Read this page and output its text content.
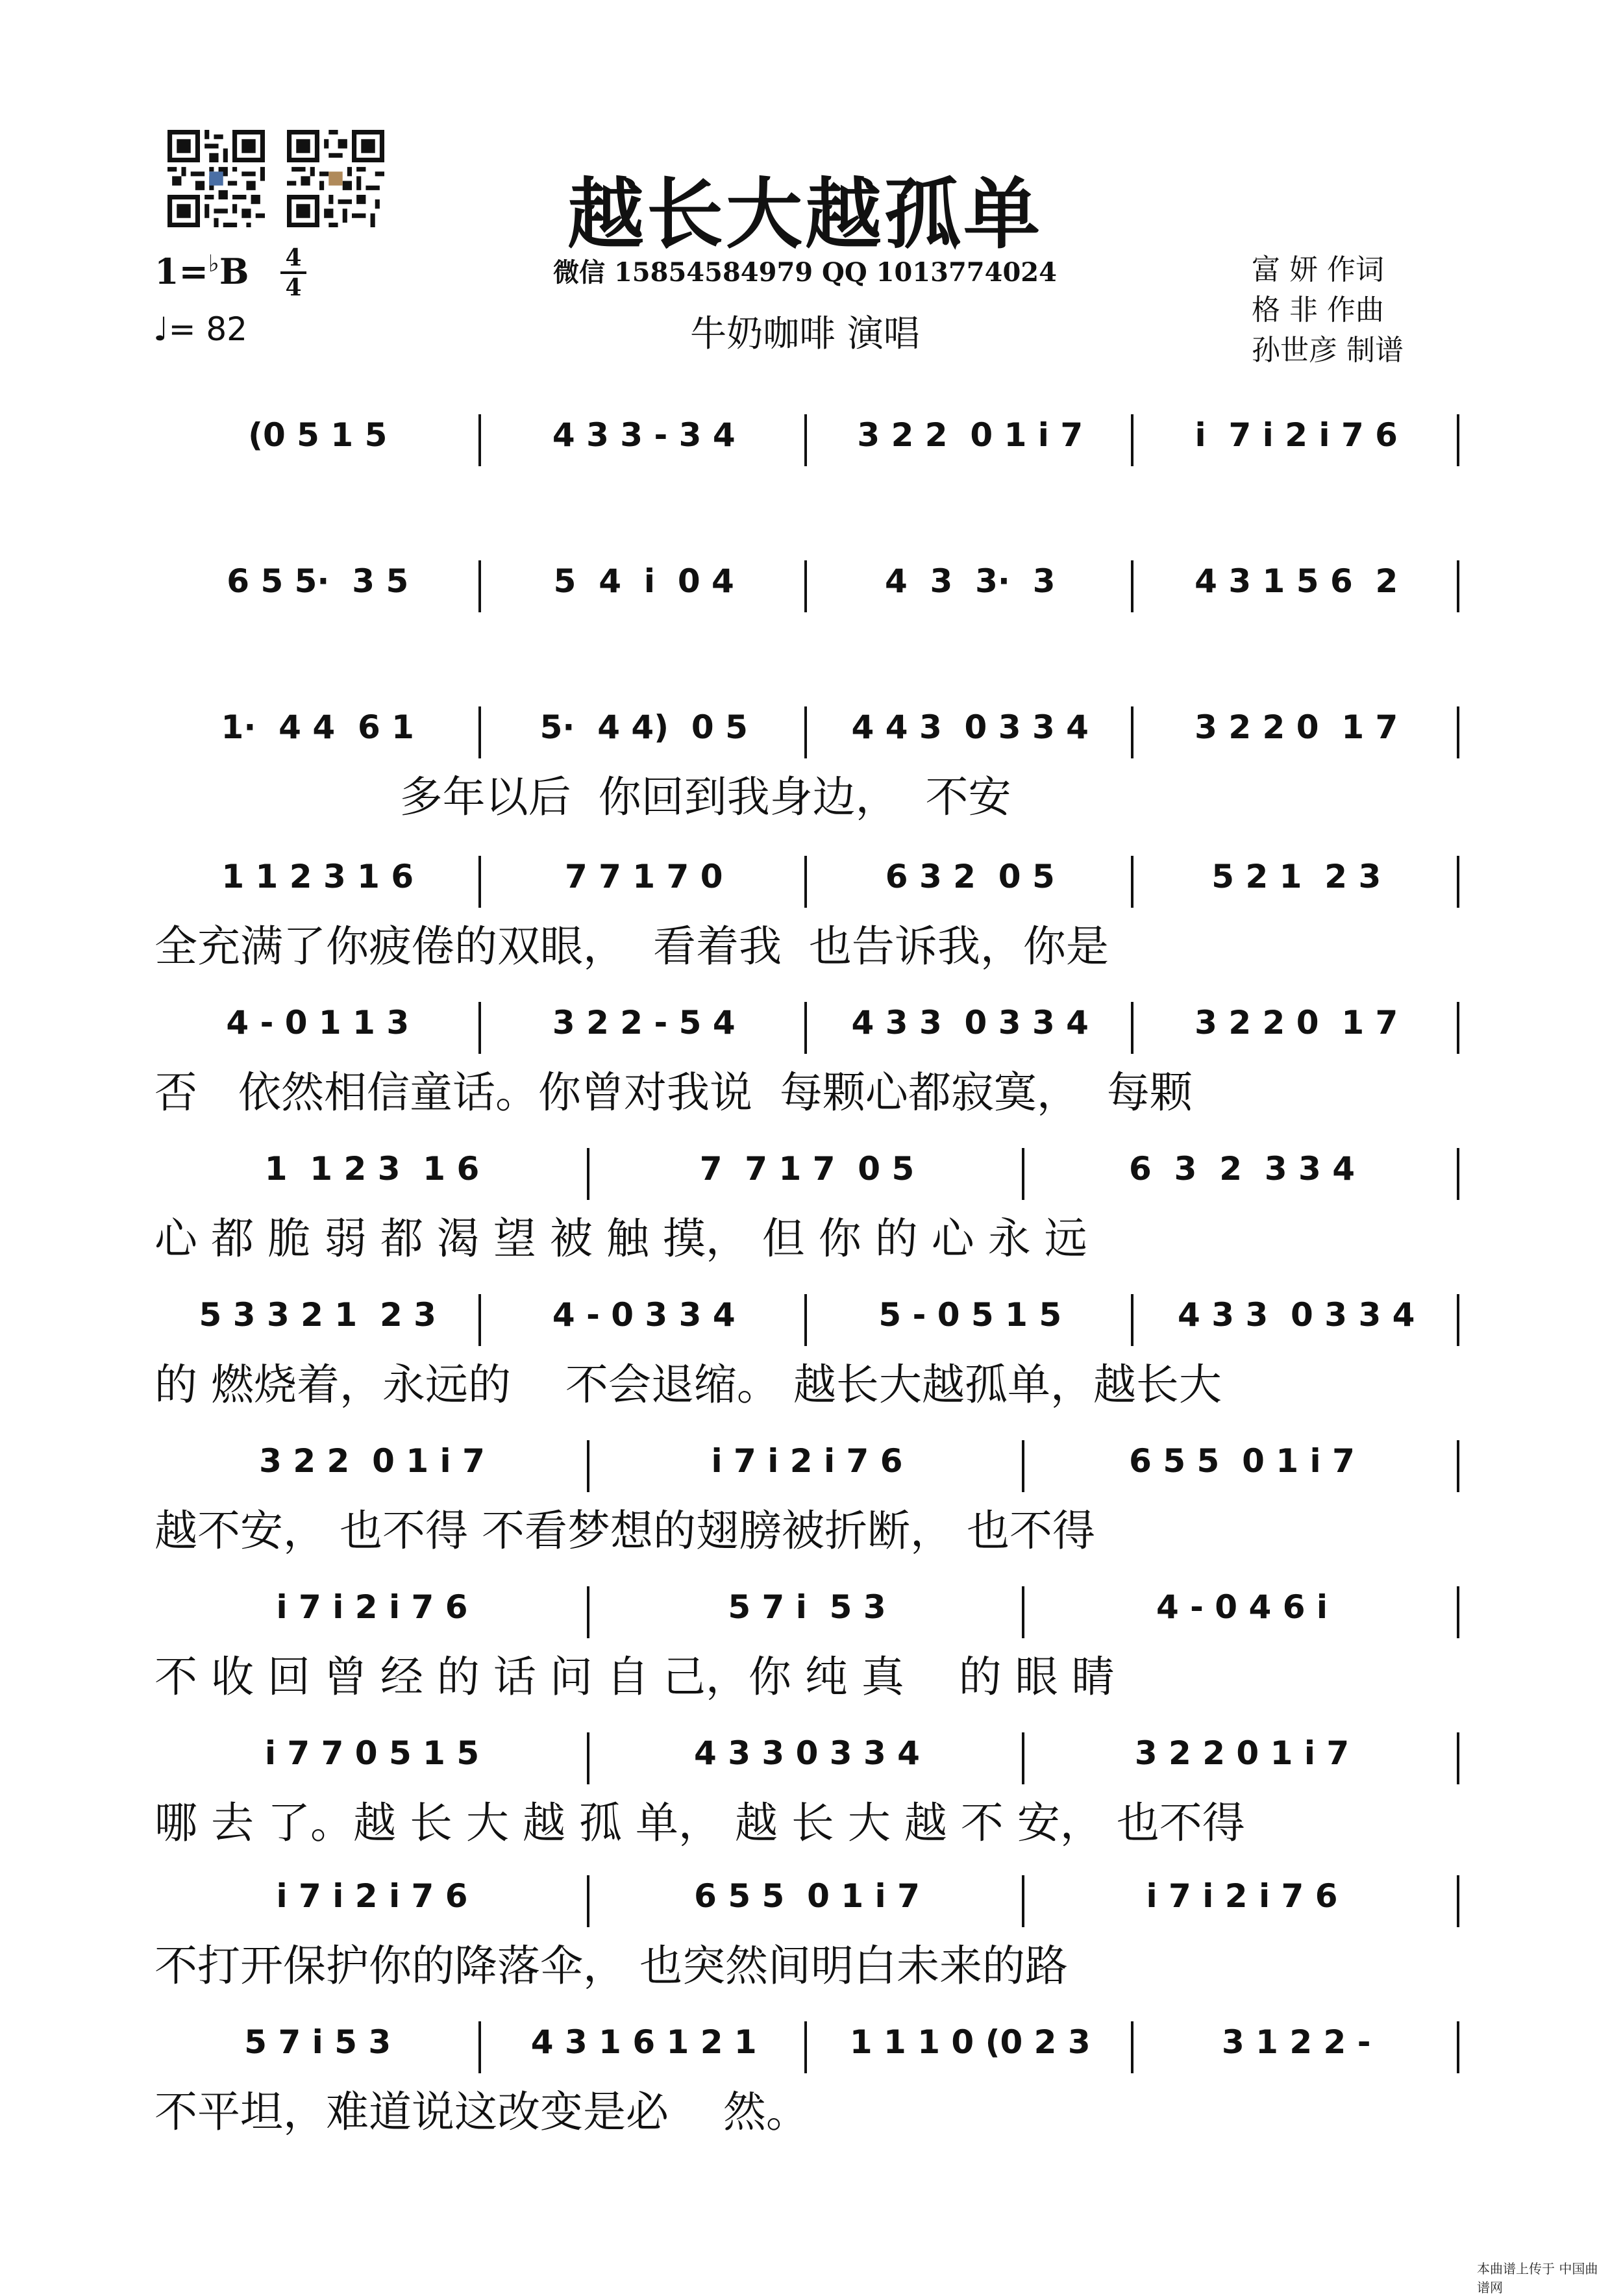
越长大越孤单
微信 15854584979 QQ 1013774024
牛奶咖啡 演唱
1=♭B 4
4
♩= 82
富 妍 作词
格 非 作曲
孙世彦 制谱
(0 5 1 5	4 3 3 - 3 4	3 2 2  0 1 i 7	i  7 i 2 i 7 6
6 5 5·  3 5	5  4  i  0 4	4  3  3·  3	4 3 1 5 6  2
1·  4 4  6 1	5·  4 4)  0 5	4 4 3  0 3 3 4	3 2 2 0  1 7
多年以后  你回到我身边，  不安
1 1 2 3 1 6	7 7 1 7 0	6 3 2  0 5	5 2 1  2 3
全充满了你疲倦的双眼，  看着我  也告诉我，你是
4 - 0 1 1 3	3 2 2 - 5 4	4 3 3  0 3 3 4	3 2 2 0  1 7
否   依然相信童话。你曾对我说  每颗心都寂寞，  每颗
1  1 2 3  1 6	7  7 1 7  0 5	6  3  2  3 3 4
心 都 脆 弱 都 渴 望 被 触 摸， 但 你 的 心 永 远
5 3 3 2 1  2 3	4 - 0 3 3 4	5 - 0 5 1 5	4 3 3  0 3 3 4
的 燃烧着，永远的    不会退缩。 越长大越孤单，越长大
3 2 2  0 1 i 7	i 7 i 2 i 7 6	6 5 5  0 1 i 7
越不安， 也不得 不看梦想的翅膀被折断， 也不得
i 7 i 2 i 7 6	5 7 i  5 3	4 - 0 4 6 i
不 收 回 曾 经 的 话 问 自 己，你 纯 真    的 眼 睛
i 7 7 0 5 1 5	4 3 3 0 3 3 4	3 2 2 0 1 i 7
哪 去 了。越 长 大 越 孤 单， 越 长 大 越 不 安， 也不得
i 7 i 2 i 7 6	6 5 5  0 1 i 7	i 7 i 2 i 7 6
不打开保护你的降落伞， 也突然间明白未来的路
5 7 i 5 3	4 3 1 6 1 2 1	1 1 1 0 (0 2 3	3 1 2 2 -
不平坦，难道说这改变是必    然。
本曲谱上传于 中国曲谱网
